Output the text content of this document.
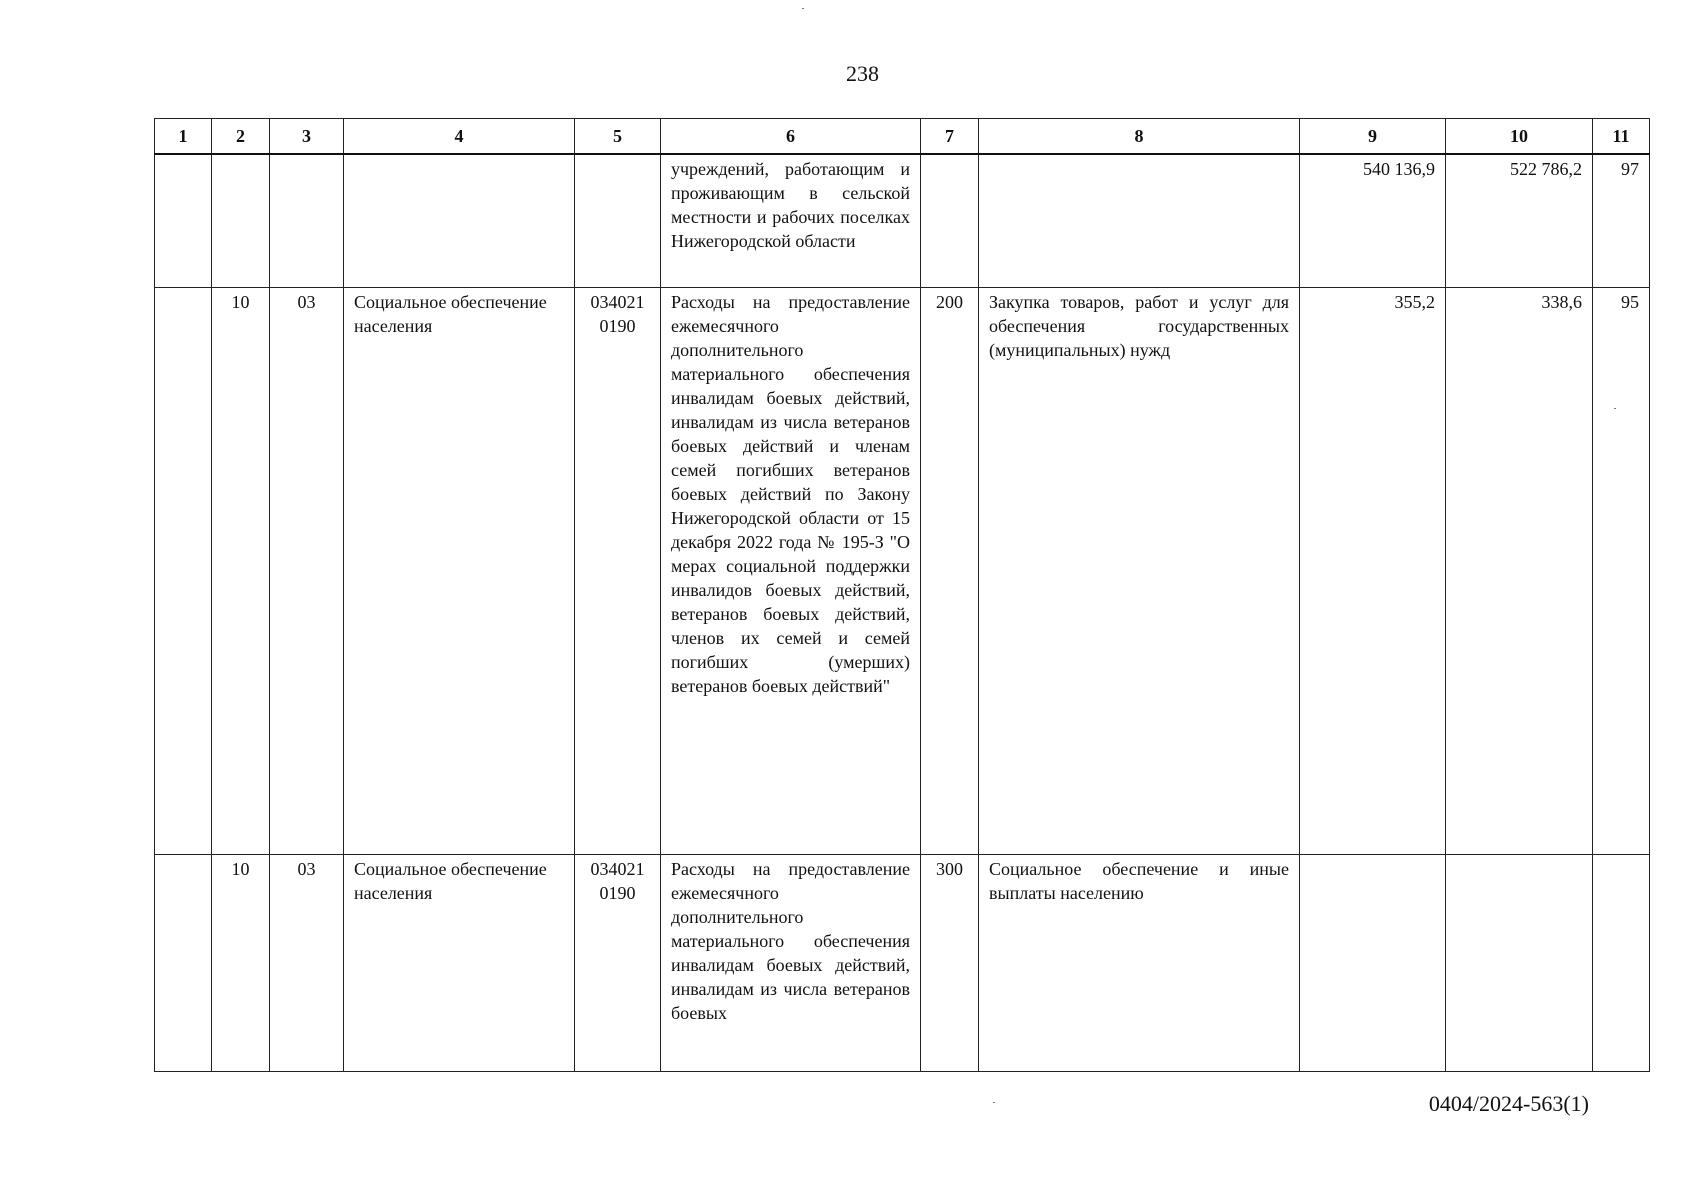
238
1	2	3	4	5	6	7	8	9	10	11
					учреждений, работающим и проживающим в сельской местности и рабочих поселках Нижегородской области			540 136,9	522 786,2	97
	10	03	Социальное обеспечение населения	034021 0190	Расходы на предоставление ежемесячного дополнительного материального обеспечения инвалидам боевых действий, инвалидам из числа ветеранов боевых действий и членам семей погибших ветеранов боевых действий по Закону Нижегородской области от 15 декабря 2022 года № 195-З "О мерах социальной поддержки инвалидов боевых действий, ветеранов боевых действий, членов их семей и семей погибших (умерших) ветеранов боевых действий"	200	Закупка товаров, работ и услуг для обеспечения государственных (муниципальных) нужд	355,2	338,6	95
	10	03	Социальное обеспечение населения	034021 0190	Расходы на предоставление ежемесячного дополнительного материального обеспечения инвалидам боевых действий, инвалидам из числа ветеранов боевых	300	Социальное обеспечение и иные выплаты населению			
0404/2024-563(1)
